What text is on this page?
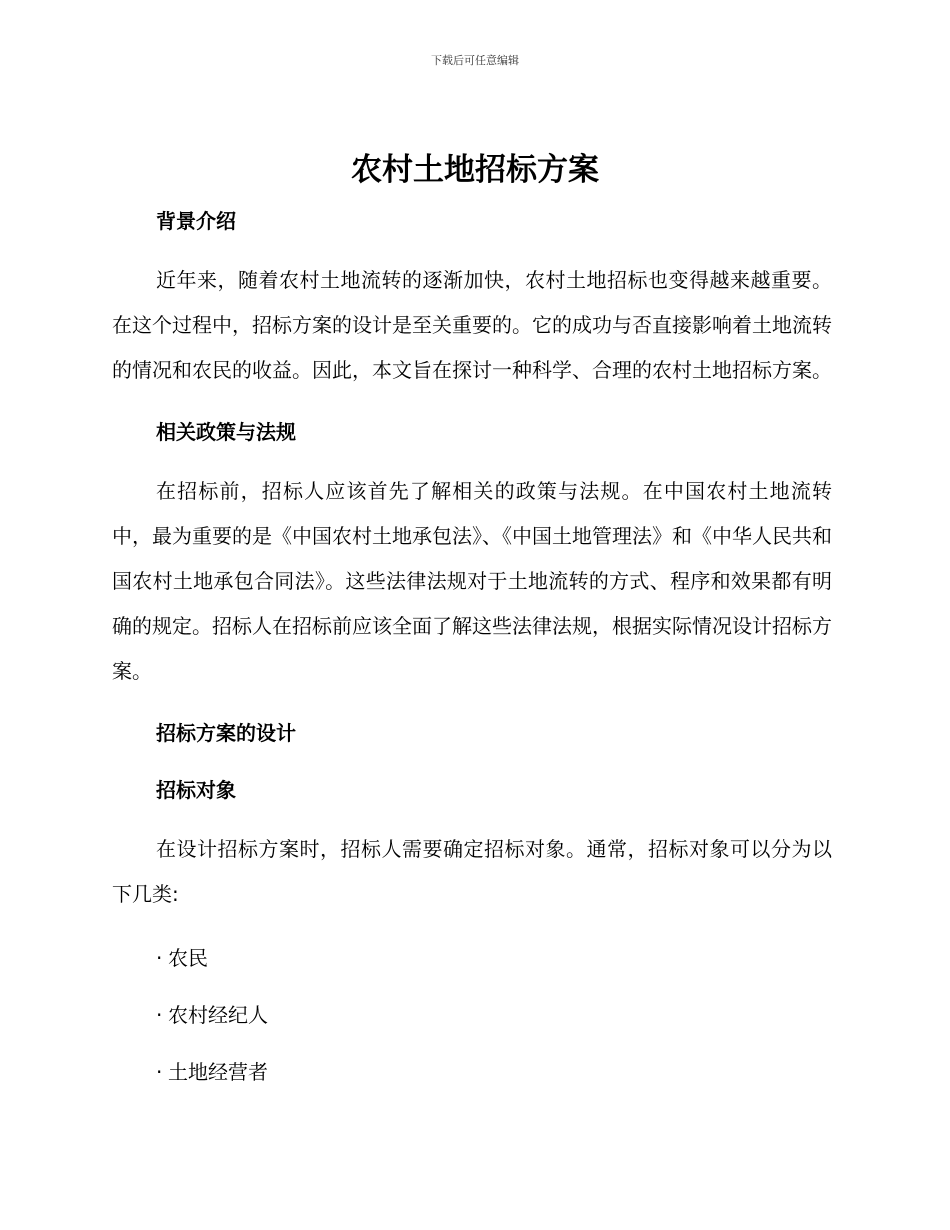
下载后可任意编辑
农村土地招标方案

背景介绍

近年来，随着农村土地流转的逐渐加快，农村土地招标也变得越来越重要。在这个过程中，招标方案的设计是至关重要的。它的成功与否直接影响着土地流转的情况和农民的收益。因此，本文旨在探讨一种科学、合理的农村土地招标方案。

相关政策与法规

在招标前，招标人应该首先了解相关的政策与法规。在中国农村土地流转中，最为重要的是《中国农村土地承包法》、《中国土地管理法》和《中华人民共和国农村土地承包合同法》。这些法律法规对于土地流转的方式、程序和效果都有明确的规定。招标人在招标前应该全面了解这些法律法规，根据实际情况设计招标方案。

招标方案的设计

招标对象

在设计招标方案时，招标人需要确定招标对象。通常，招标对象可以分为以下几类:

· 农民

· 农村经纪人

· 土地经营者
